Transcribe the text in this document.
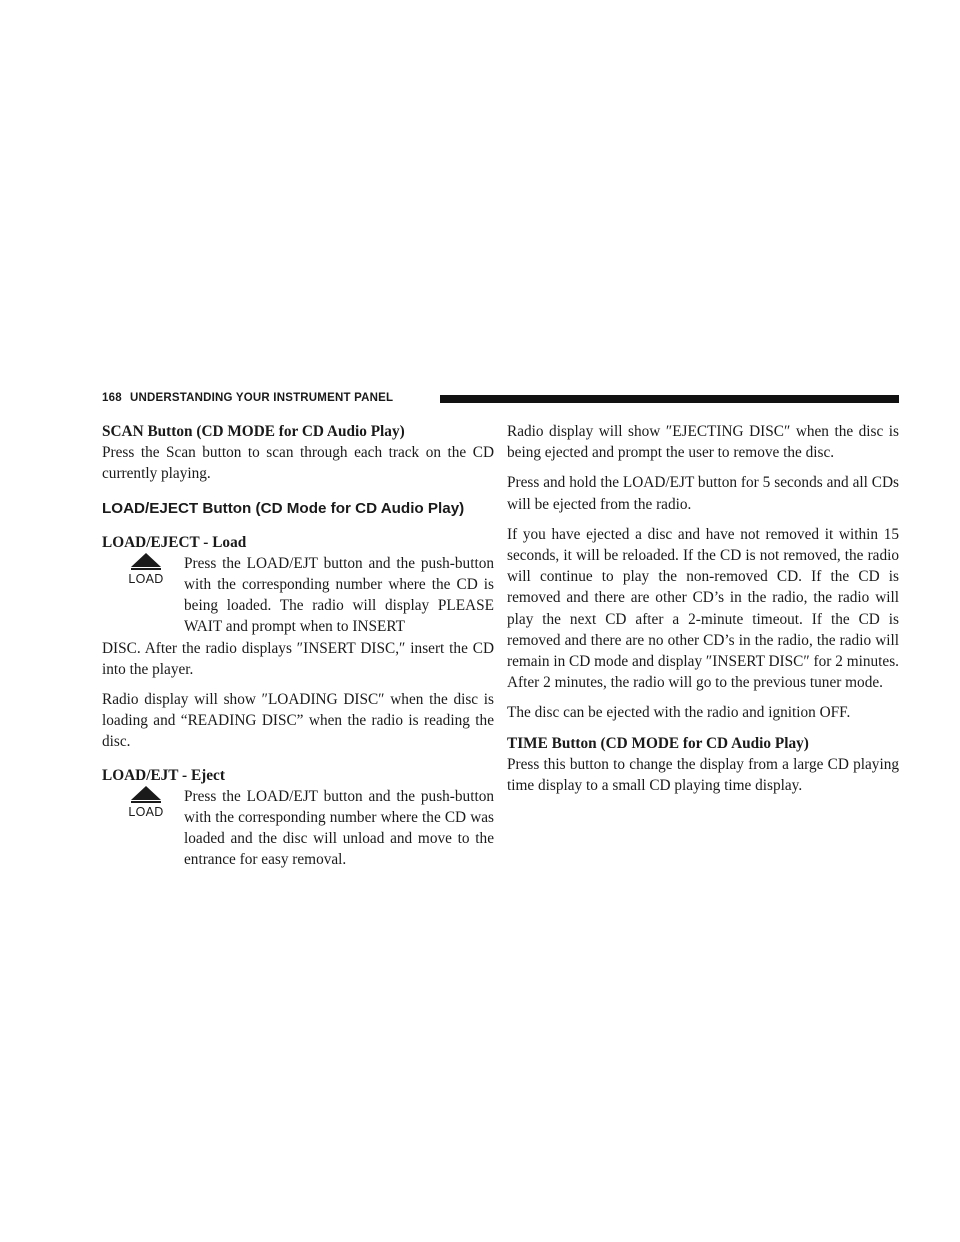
168 UNDERSTANDING YOUR INSTRUMENT PANEL
SCAN Button (CD MODE for CD Audio Play)

Press the Scan button to scan through each track on the CD currently playing.

LOAD/EJECT Button (CD Mode for CD Audio Play)
LOAD/EJECT - Load
LOAD
Press the LOAD/EJT button and the push-button with the corresponding number where the CD is being loaded. The radio will display PLEASE WAIT and prompt when to INSERT
DISC. After the radio displays ″INSERT DISC,″ insert the CD into the player.

Radio display will show ″LOADING DISC″ when the disc is loading and “READING DISC” when the radio is reading the disc.

LOAD/EJT - Eject
LOAD
Press the LOAD/EJT button and the push-button with the corresponding number where the CD was loaded and the disc will unload and move to the entrance for easy removal.

Radio display will show ″EJECTING DISC″ when the disc is being ejected and prompt the user to remove the disc.

Press and hold the LOAD/EJT button for 5 seconds and all CDs will be ejected from the radio.

If you have ejected a disc and have not removed it within 15 seconds, it will be reloaded. If the CD is not removed, the radio will continue to play the non-removed CD. If the CD is removed and there are other CD’s in the radio, the radio will play the next CD after a 2-minute timeout. If the CD is removed and there are no other CD’s in the radio, the radio will remain in CD mode and display ″INSERT DISC″ for 2 minutes. After 2 minutes, the radio will go to the previous tuner mode.

The disc can be ejected with the radio and ignition OFF.

TIME Button (CD MODE for CD Audio Play)

Press this button to change the display from a large CD playing time display to a small CD playing time display.
